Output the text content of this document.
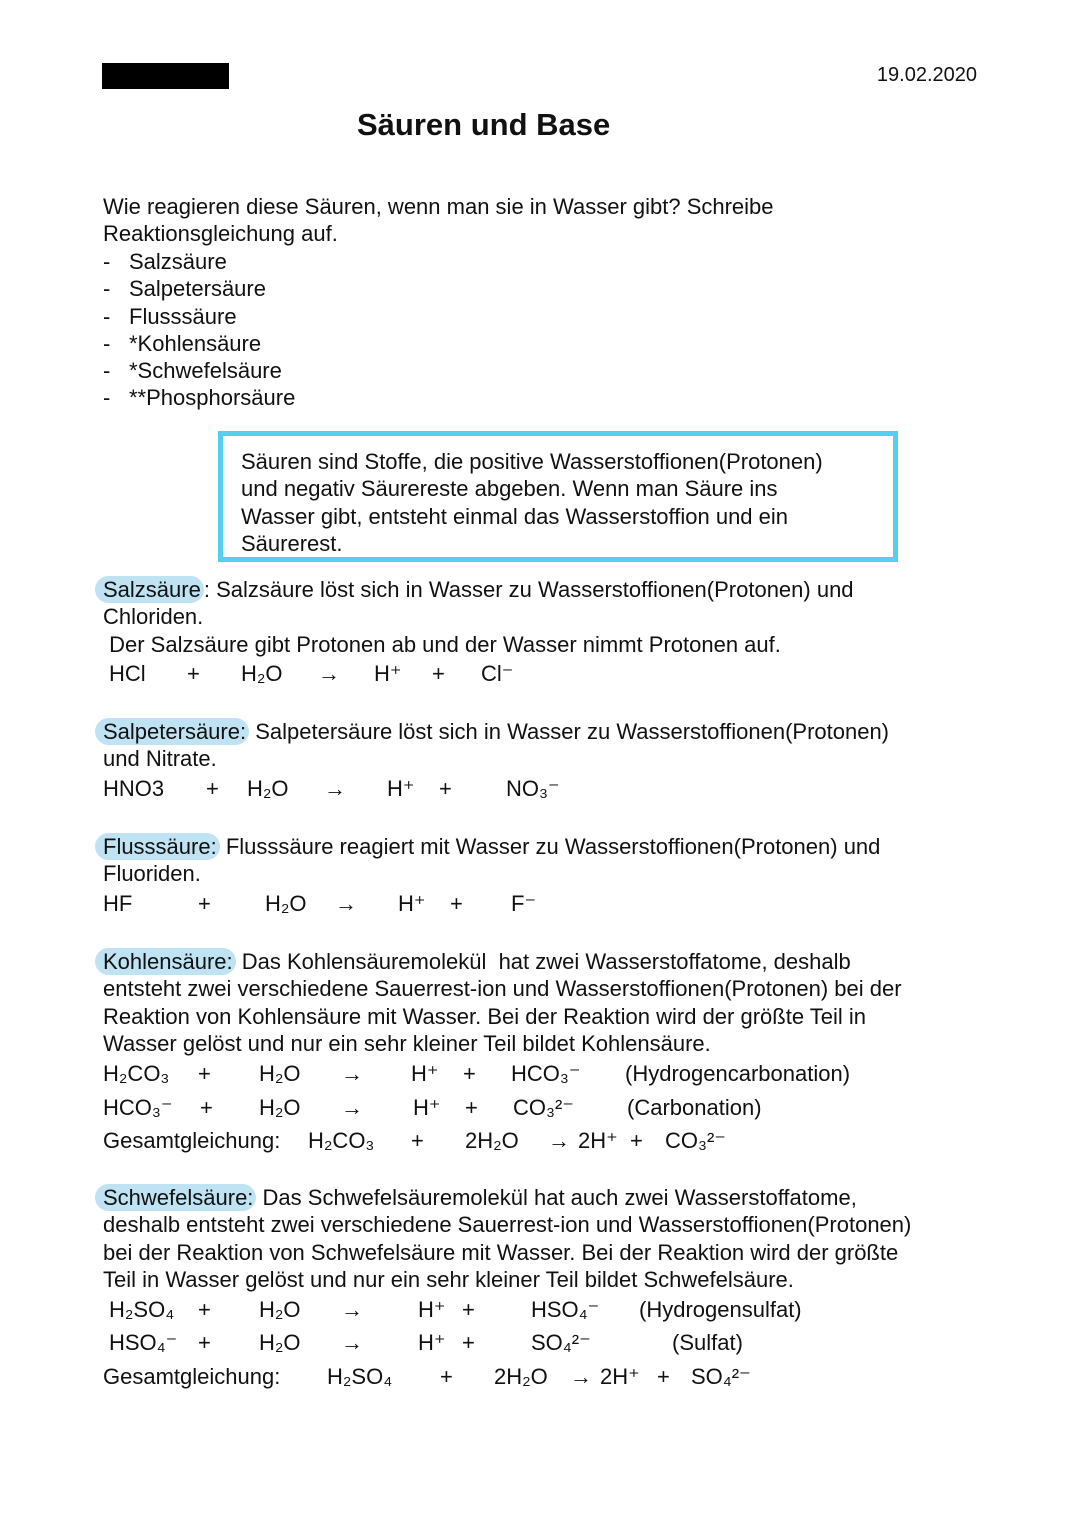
19.02.2020
Säuren und Base
Wie reagieren diese Säuren, wenn man sie in Wasser gibt? Schreibe
Reaktionsgleichung auf.
- Salzsäure
- Salpetersäure
- Flusssäure
- *Kohlensäure
- *Schwefelsäure
- **Phosphorsäure
Säuren sind Stoffe, die positive Wasserstoffionen(Protonen)
und negativ Säurereste abgeben. Wenn man Säure ins
Wasser gibt, entsteht einmal das Wasserstoffion und ein
Säurerest.
Salzsäure : Salzsäure löst sich in Wasser zu Wasserstoffionen(Protonen) und
Chloriden.
Der Salzsäure gibt Protonen ab und der Wasser nimmt Protonen auf.
HCl + H₂O → H⁺ + Cl⁻
Salpetersäure: Salpetersäure löst sich in Wasser zu Wasserstoffionen(Protonen)
und Nitrate.
HNO3 + H₂O → H⁺ + NO₃⁻
Flusssäure: Flusssäure reagiert mit Wasser zu Wasserstoffionen(Protonen) und
Fluoriden.
HF	+ H₂O → H⁺ + F⁻
Kohlensäure: Das Kohlensäuremolekül  hat zwei Wasserstoffatome, deshalb
entsteht zwei verschiedene Sauerrest-ion und Wasserstoffionen(Protonen) bei der
Reaktion von Kohlensäure mit Wasser. Bei der Reaktion wird der größte Teil in
Wasser gelöst und nur ein sehr kleiner Teil bildet Kohlensäure.
H₂CO₃ + H₂O → H⁺ + HCO₃⁻ (Hydrogencarbonation)
HCO₃⁻ + H₂O → H⁺ + CO₃²⁻ (Carbonation)
Gesamtgleichung: H₂CO₃ + 2H₂O → 2H⁺ + CO₃²⁻
Schwefelsäure: Das Schwefelsäuremolekül hat auch zwei Wasserstoffatome,
deshalb entsteht zwei verschiedene Sauerrest-ion und Wasserstoffionen(Protonen)
bei der Reaktion von Schwefelsäure mit Wasser. Bei der Reaktion wird der größte
Teil in Wasser gelöst und nur ein sehr kleiner Teil bildet Schwefelsäure.
H₂SO₄ + H₂O →	H⁺ +	HSO₄⁻ (Hydrogensulfat)
HSO₄⁻ + H₂O →	H⁺ +	SO₄²⁻	(Sulfat)
Gesamtgleichung: H₂SO₄ + 2H₂O → 2H⁺ + SO₄²⁻
